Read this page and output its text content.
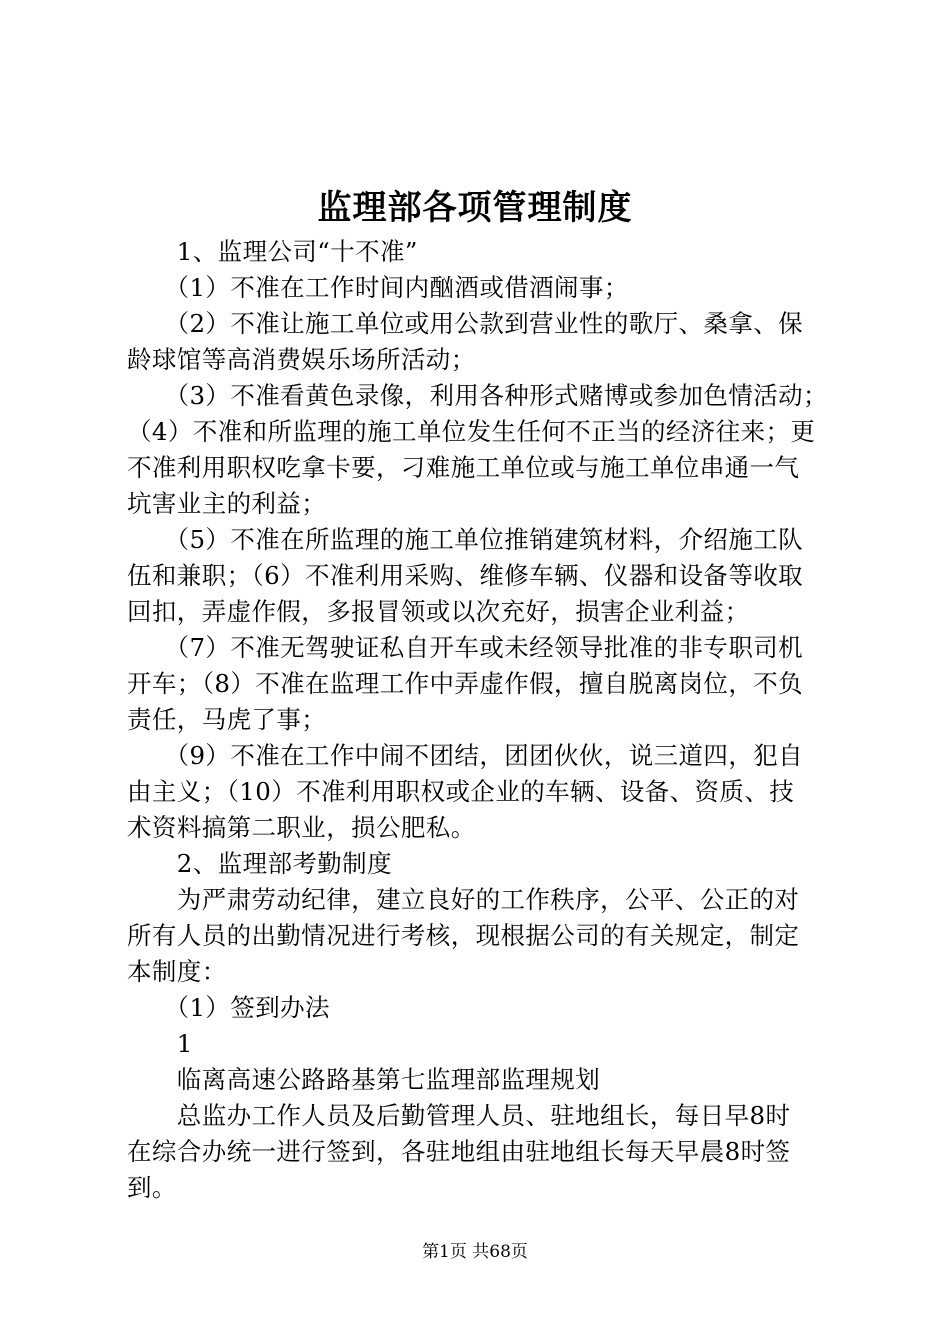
监理部各项管理制度
　　1、监理公司“十不准”
　　（1）不准在工作时间内酗酒或借酒闹事；
　　（2）不准让施工单位或用公款到营业性的歌厅、桑拿、保
龄球馆等高消费娱乐场所活动；
　　（3）不准看黄色录像，利用各种形式赌博或参加色情活动；
（4）不准和所监理的施工单位发生任何不正当的经济往来；更
不准利用职权吃拿卡要，刁难施工单位或与施工单位串通一气
坑害业主的利益；
　　（5）不准在所监理的施工单位推销建筑材料，介绍施工队
伍和兼职；（6）不准利用采购、维修车辆、仪器和设备等收取
回扣，弄虚作假，多报冒领或以次充好，损害企业利益；
　　（7）不准无驾驶证私自开车或未经领导批准的非专职司机
开车；（8）不准在监理工作中弄虚作假，擅自脱离岗位，不负
责任，马虎了事；
　　（9）不准在工作中闹不团结，团团伙伙，说三道四，犯自
由主义；（10）不准利用职权或企业的车辆、设备、资质、技
术资料搞第二职业，损公肥私。
　　2、监理部考勤制度
　　为严肃劳动纪律，建立良好的工作秩序，公平、公正的对
所有人员的出勤情况进行考核，现根据公司的有关规定，制定
本制度：
　　（1）签到办法
　　1
　　临离高速公路路基第七监理部监理规划
　　总监办工作人员及后勤管理人员、驻地组长，每日早8时
在综合办统一进行签到，各驻地组由驻地组长每天早晨8时签
到。
第1页 共68页
